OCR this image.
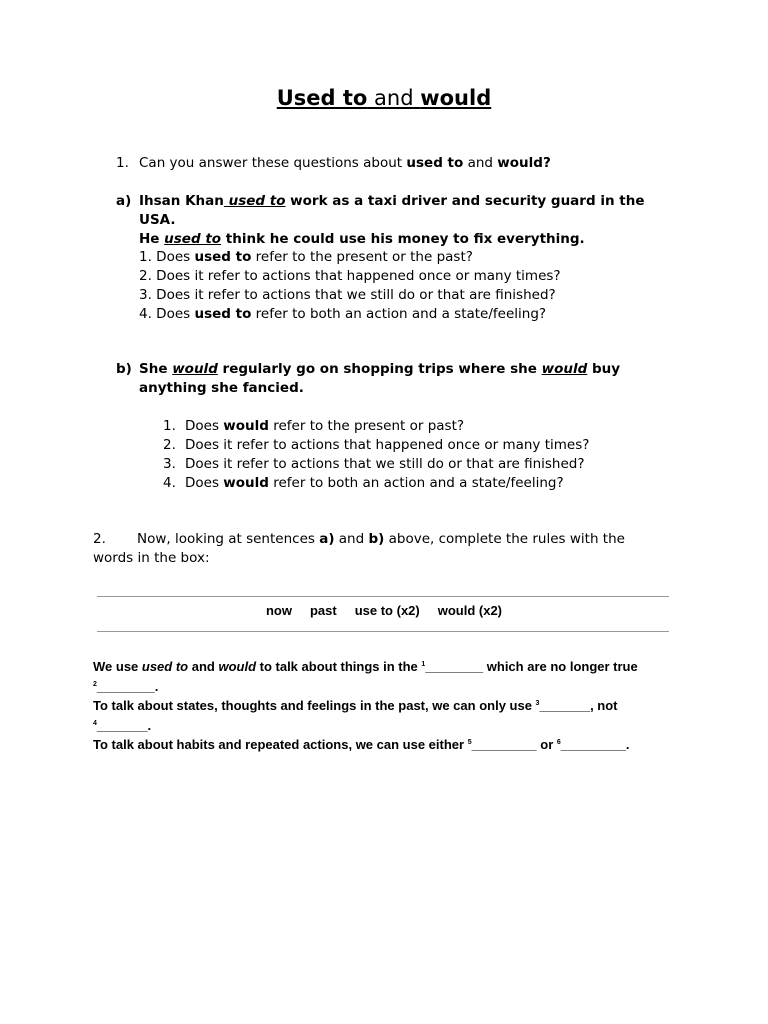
Used to and would
1. Can you answer these questions about used to and would?
a) Ihsan Khan used to work as a taxi driver and security guard in the USA.
He used to think he could use his money to fix everything.
1. Does used to refer to the present or the past?
2. Does it refer to actions that happened once or many times?
3. Does it refer to actions that we still do or that are finished?
4. Does used to refer to both an action and a state/feeling?
b) She would regularly go on shopping trips where she would buy anything she fancied.
1. Does would refer to the present or past?
2. Does it refer to actions that happened once or many times?
3. Does it refer to actions that we still do or that are finished?
4. Does would refer to both an action and a state/feeling?
2. Now, looking at sentences a) and b) above, complete the rules with the words in the box:
now past use to (x2) would (x2)
We use used to and would to talk about things in the $^1$________ which are no longer true $^2$________.
To talk about states, thoughts and feelings in the past, we can only use $^3$_______, not $^4$_______.
To talk about habits and repeated actions, we can use either $^5$_________ or $^6$_________.
